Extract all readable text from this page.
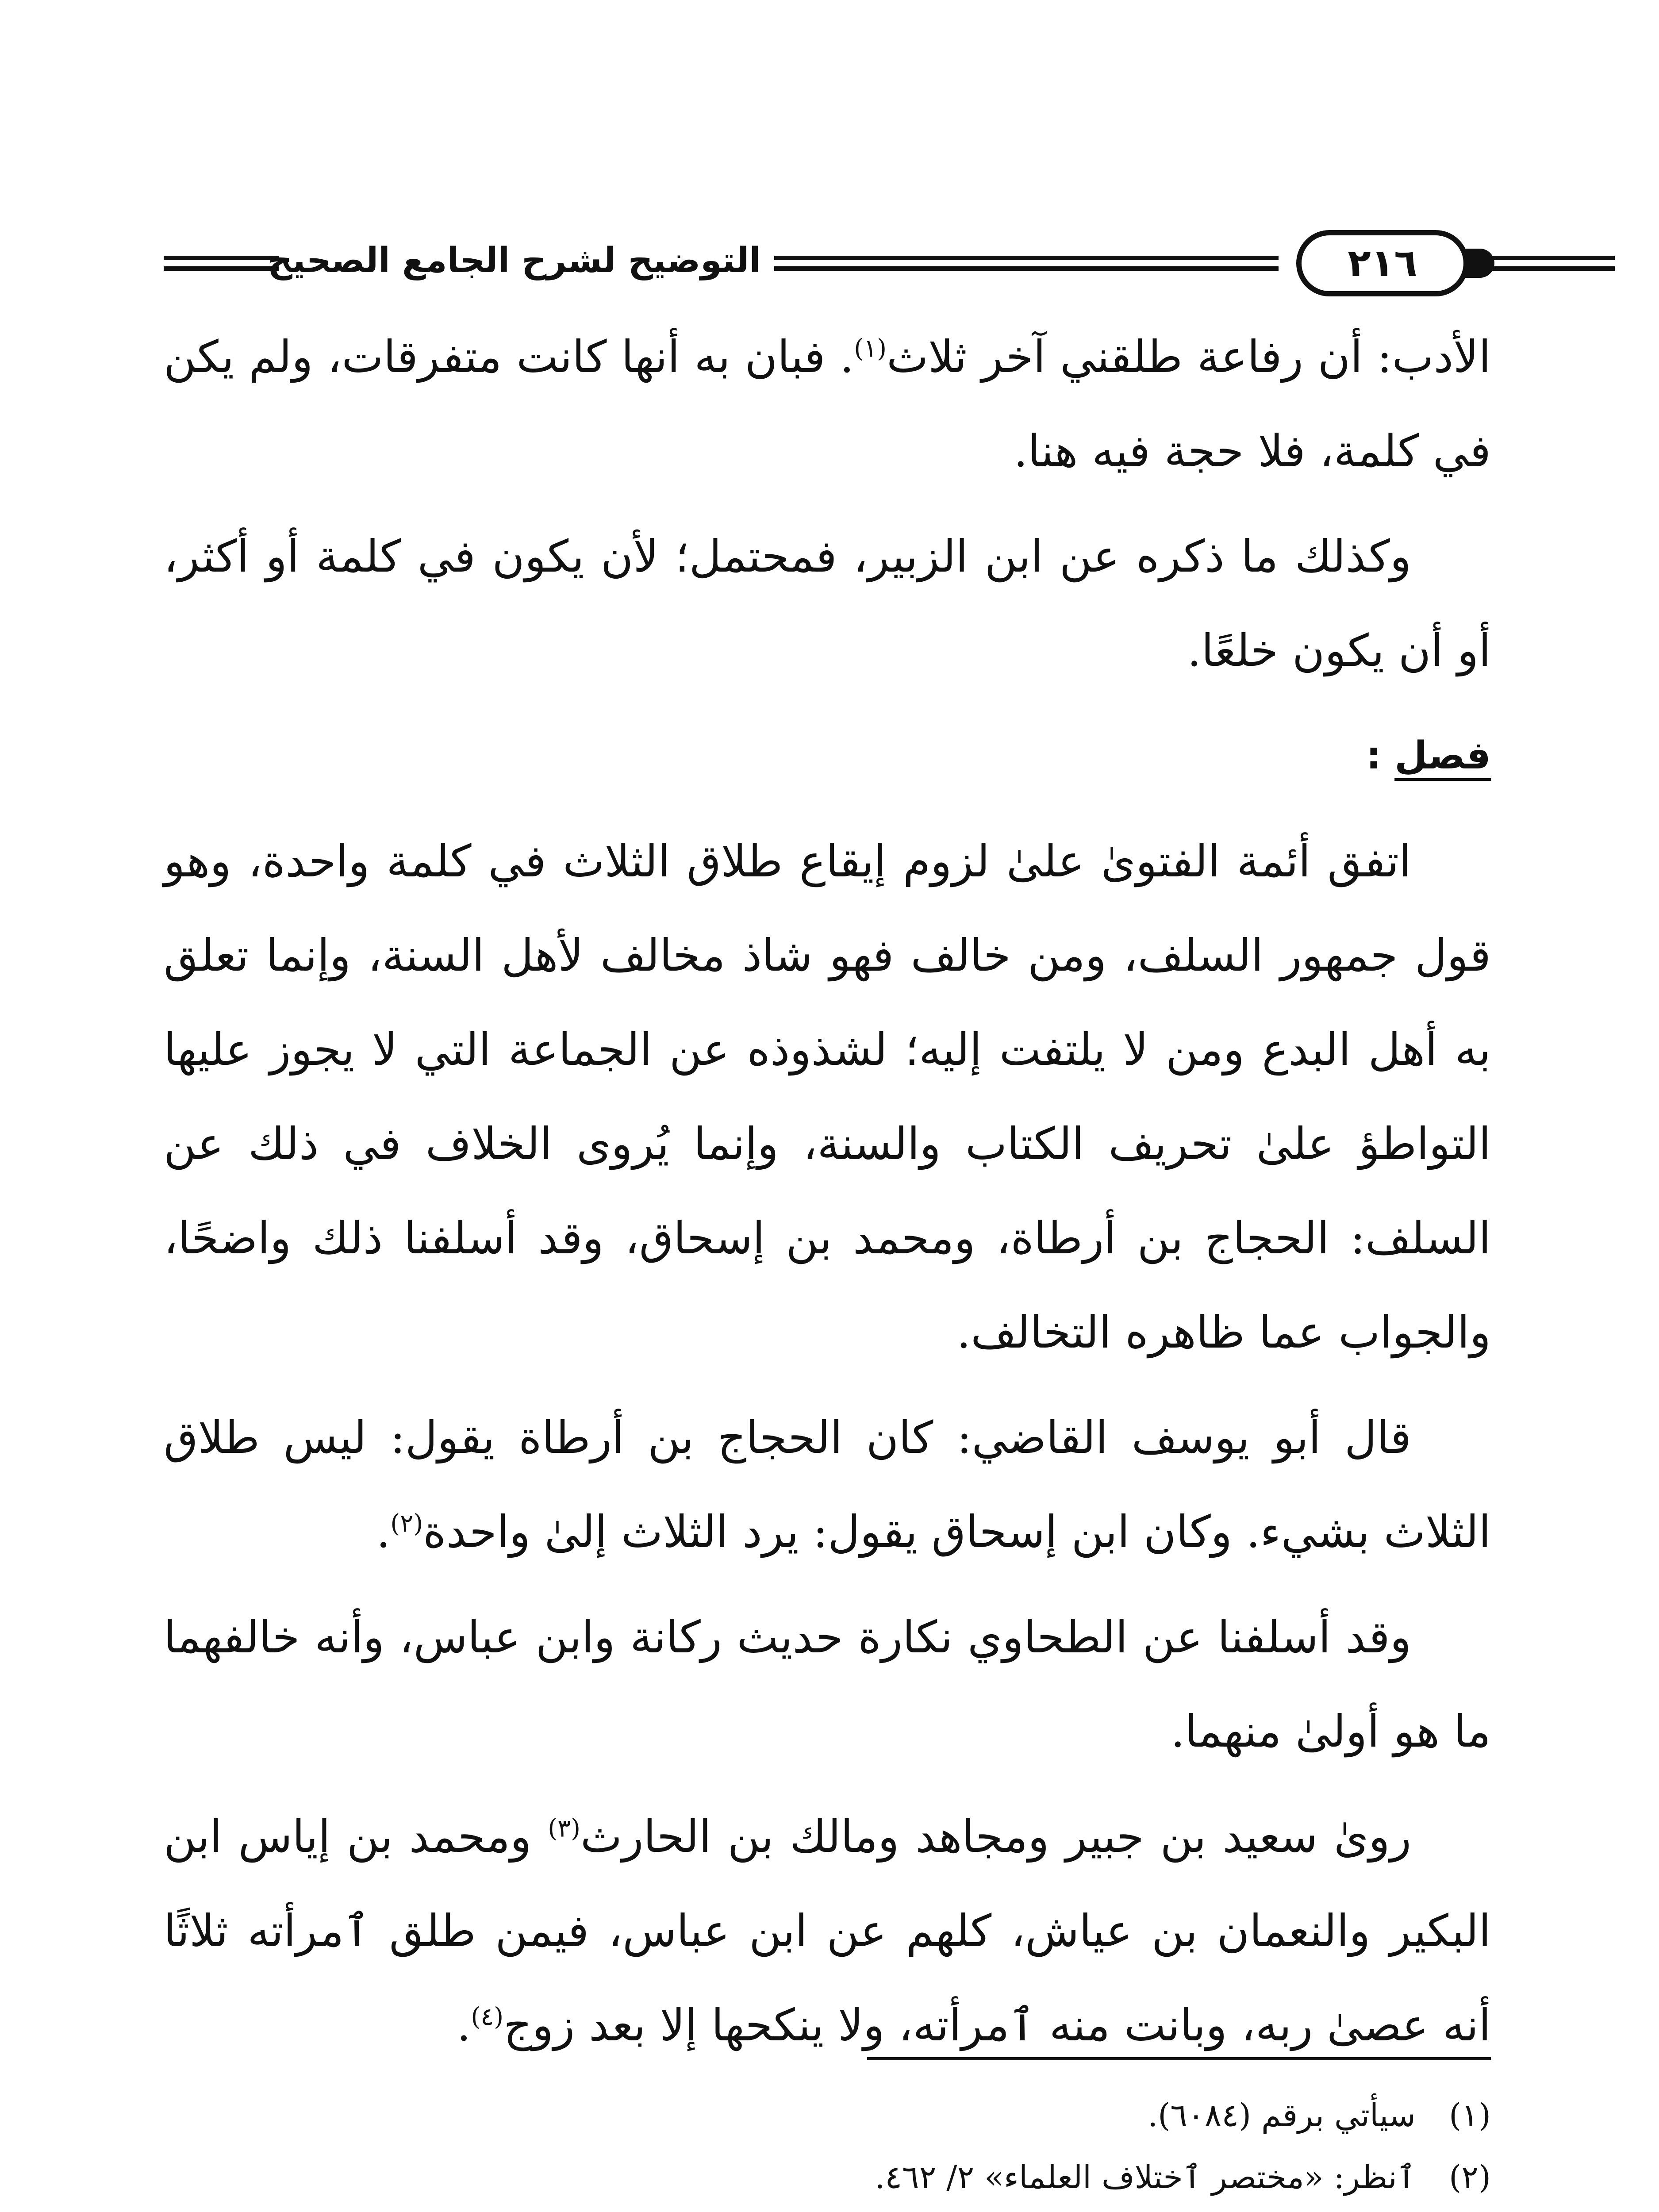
التوضيح لشرح الجامع الصحيح	٢١٦

الأدب: أن رفاعة طلقني آخر ثلاث$^{(١)}$. فبان به أنها كانت متفرقات، ولم يكن في كلمة، فلا حجة فيه هنا.

وكذلك ما ذكره عن ابن الزبير، فمحتمل؛ لأن يكون في كلمة أو أكثر، أو أن يكون خلعًا.

فصل :

اتفق أئمة الفتوىٰ علىٰ لزوم إيقاع طلاق الثلاث في كلمة واحدة، وهو قول جمهور السلف، ومن خالف فهو شاذ مخالف لأهل السنة، وإنما تعلق به أهل البدع ومن لا يلتفت إليه؛ لشذوذه عن الجماعة التي لا يجوز عليها التواطؤ علىٰ تحريف الكتاب والسنة، وإنما يُروى الخلاف في ذلك عن السلف: الحجاج بن أرطاة، ومحمد بن إسحاق، وقد أسلفنا ذلك واضحًا، والجواب عما ظاهره التخالف.

قال أبو يوسف القاضي: كان الحجاج بن أرطاة يقول: ليس طلاق الثلاث بشيء. وكان ابن إسحاق يقول: يرد الثلاث إلىٰ واحدة$^{(٢)}$.

وقد أسلفنا عن الطحاوي نكارة حديث ركانة وابن عباس، وأنه خالفهما ما هو أولىٰ منهما.

روىٰ سعيد بن جبير ومجاهد ومالك بن الحارث$^{(٣)}$ ومحمد بن إياس ابن البكير والنعمان بن عياش، كلهم عن ابن عباس، فيمن طلق ٱمرأته ثلاثًا أنه عصىٰ ربه، وبانت منه ٱمرأته، ولا ينكحها إلا بعد زوج$^{(٤)}$.

(١)
سيأتي برقم (٦٠٨٤).
(٢)
ٱنظر: «مختصر ٱختلاف العلماء» ٢/ ٤٦٢.
